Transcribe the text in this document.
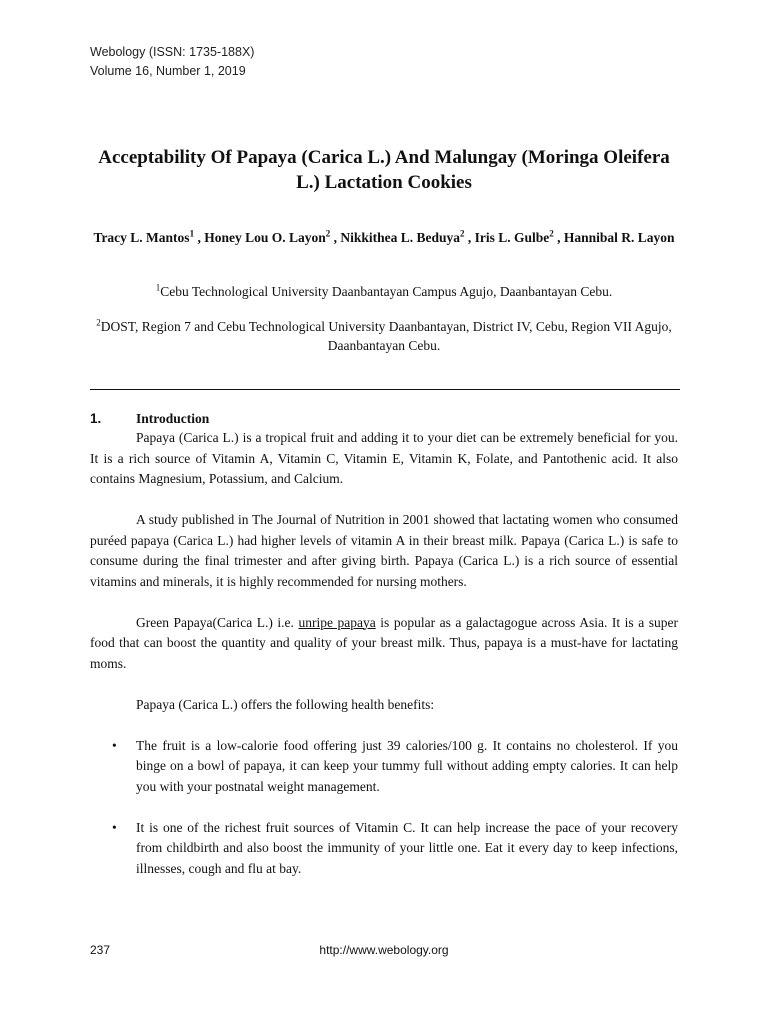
Webology (ISSN: 1735-188X)
Volume 16, Number 1, 2019
Acceptability Of Papaya (Carica L.) And Malungay (Moringa Oleifera L.) Lactation Cookies
Tracy L. Mantos$^1$ , Honey Lou O. Layon$^2$ , Nikkithea L. Beduya$^2$ , Iris L. Gulbe$^2$ , Hannibal R. Layon
$^1$Cebu Technological University Daanbantayan Campus Agujo, Daanbantayan Cebu.
$^2$DOST, Region 7 and Cebu Technological University Daanbantayan, District IV, Cebu, Region VII Agujo, Daanbantayan Cebu.
1.	Introduction

Papaya (Carica L.) is a tropical fruit and adding it to your diet can be extremely beneficial for you. It is a rich source of Vitamin A, Vitamin C, Vitamin E, Vitamin K, Folate, and Pantothenic acid. It also contains Magnesium, Potassium, and Calcium.

A study published in The Journal of Nutrition in 2001 showed that lactating women who consumed puréed papaya (Carica L.) had higher levels of vitamin A in their breast milk. Papaya (Carica L.) is safe to consume during the final trimester and after giving birth. Papaya (Carica L.) is a rich source of essential vitamins and minerals, it is highly recommended for nursing mothers.

Green Papaya(Carica L.) i.e. unripe papaya is popular as a galactagogue across Asia. It is a super food that can boost the quantity and quality of your breast milk. Thus, papaya is a must-have for lactating moms.

Papaya (Carica L.) offers the following health benefits:

• The fruit is a low-calorie food offering just 39 calories/100 g. It contains no cholesterol. If you binge on a bowl of papaya, it can keep your tummy full without adding empty calories. It can help you with your postnatal weight management.
• It is one of the richest fruit sources of Vitamin C. It can help increase the pace of your recovery from childbirth and also boost the immunity of your little one. Eat it every day to keep infections, illnesses, cough and flu at bay.
237	http://www.webology.org
